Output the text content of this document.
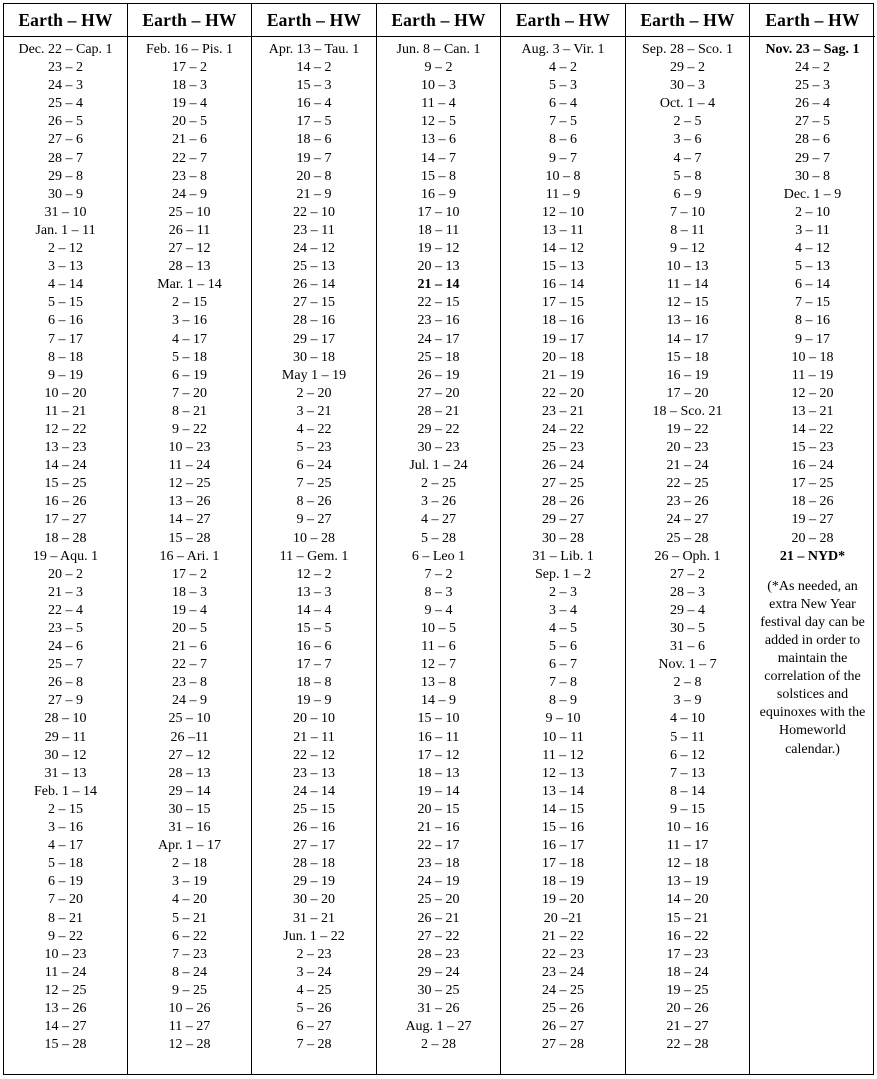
Earth – HW
Dec. 22 – Cap. 1
23 – 2
24 – 3
25 – 4
26 – 5
27 – 6
28 – 7
29 – 8
30 – 9
31 – 10
Jan. 1 – 11
2 – 12
3 – 13
4 – 14
5 – 15
6 – 16
7 – 17
8 – 18
9 – 19
10 – 20
11 – 21
12 – 22
13 – 23
14 – 24
15 – 25
16 – 26
17 – 27
18 – 28
19 – Aqu. 1
20 – 2
21 – 3
22 – 4
23 – 5
24 – 6
25 – 7
26 – 8
27 – 9
28 – 10
29 – 11
30 – 12
31 – 13
Feb. 1 – 14
2 – 15
3 – 16
4 – 17
5 – 18
6 – 19
7 – 20
8 – 21
9 – 22
10 – 23
11 – 24
12 – 25
13 – 26
14 – 27
15 – 28
Earth – HW
Feb. 16 – Pis. 1
17 – 2
18 – 3
19 – 4
20 – 5
21 – 6
22 – 7
23 – 8
24 – 9
25 – 10
26 – 11
27 – 12
28 – 13
Mar. 1 – 14
2 – 15
3 – 16
4 – 17
5 – 18
6 – 19
7 – 20
8 – 21
9 – 22
10 – 23
11 – 24
12 – 25
13 – 26
14 – 27
15 – 28
16 – Ari. 1
17 – 2
18 – 3
19 – 4
20 – 5
21 – 6
22 – 7
23 – 8
24 – 9
25 – 10
26 –11
27 – 12
28 – 13
29 – 14
30 – 15
31 – 16
Apr. 1 – 17
2 – 18
3 – 19
4 – 20
5 – 21
6 – 22
7 – 23
8 – 24
9 – 25
10 – 26
11 – 27
12 – 28
Earth – HW
Apr. 13 – Tau. 1
14 – 2
15 – 3
16 – 4
17 – 5
18 – 6
19 – 7
20 – 8
21 – 9
22 – 10
23 – 11
24 – 12
25 – 13
26 – 14
27 – 15
28 – 16
29 – 17
30 – 18
May 1 – 19
2 – 20
3 – 21
4 – 22
5 – 23
6 – 24
7 – 25
8 – 26
9 – 27
10 – 28
11 – Gem. 1
12 – 2
13 – 3
14 – 4
15 – 5
16 – 6
17 – 7
18 – 8
19 – 9
20 – 10
21 – 11
22 – 12
23 – 13
24 – 14
25 – 15
26 – 16
27 – 17
28 – 18
29 – 19
30 – 20
31 – 21
Jun. 1 – 22
2 – 23
3 – 24
4 – 25
5 – 26
6 – 27
7 – 28
Earth – HW
Jun. 8 – Can. 1
9 – 2
10 – 3
11 – 4
12 – 5
13 – 6
14 – 7
15 – 8
16 – 9
17 – 10
18 – 11
19 – 12
20 – 13
21 – 14
22 – 15
23 – 16
24 – 17
25 – 18
26 – 19
27 – 20
28 – 21
29 – 22
30 – 23
Jul. 1 – 24
2 – 25
3 – 26
4 – 27
5 – 28
6 – Leo 1
7 – 2
8 – 3
9 – 4
10 – 5
11 – 6
12 – 7
13 – 8
14 – 9
15 – 10
16 – 11
17 – 12
18 – 13
19 – 14
20 – 15
21 – 16
22 – 17
23 – 18
24 – 19
25 – 20
26 – 21
27 – 22
28 – 23
29 – 24
30 – 25
31 – 26
Aug. 1 – 27
2 – 28
Earth – HW
Aug. 3 – Vir. 1
4 – 2
5 – 3
6 – 4
7 – 5
8 – 6
9 – 7
10 – 8
11 – 9
12 – 10
13 – 11
14 – 12
15 – 13
16 – 14
17 – 15
18 – 16
19 – 17
20 – 18
21 – 19
22 – 20
23 – 21
24 – 22
25 – 23
26 – 24
27 – 25
28 – 26
29 – 27
30 – 28
31 – Lib. 1
Sep. 1 – 2
2 – 3
3 – 4
4 – 5
5 – 6
6 – 7
7 – 8
8 – 9
9 – 10
10 – 11
11 – 12
12 – 13
13 – 14
14 – 15
15 – 16
16 – 17
17 – 18
18 – 19
19 – 20
20 –21
21 – 22
22 – 23
23 – 24
24 – 25
25 – 26
26 – 27
27 – 28
Earth – HW
Sep. 28 – Sco. 1
29 – 2
30 – 3
Oct. 1 – 4
2 – 5
3 – 6
4 – 7
5 – 8
6 – 9
7 – 10
8 – 11
9 – 12
10 – 13
11 – 14
12 – 15
13 – 16
14 – 17
15 – 18
16 – 19
17 – 20
18 – Sco. 21
19 – 22
20 – 23
21 – 24
22 – 25
23 – 26
24 – 27
25 – 28
26 – Oph. 1
27 – 2
28 – 3
29 – 4
30 – 5
31 – 6
Nov. 1 – 7
2 – 8
3 – 9
4 – 10
5 – 11
6 – 12
7 – 13
8 – 14
9 – 15
10 – 16
11 – 17
12 – 18
13 – 19
14 – 20
15 – 21
16 – 22
17 – 23
18 – 24
19 – 25
20 – 26
21 – 27
22 – 28
Earth – HW
Nov. 23 – Sag. 1
24 – 2
25 – 3
26 – 4
27 – 5
28 – 6
29 – 7
30 – 8
Dec. 1 – 9
2 – 10
3 – 11
4 – 12
5 – 13
6 – 14
7 – 15
8 – 16
9 – 17
10 – 18
11 – 19
12 – 20
13 – 21
14 – 22
15 – 23
16 – 24
17 – 25
18 – 26
19 – 27
20 – 28
21 – NYD*
(*As needed, an extra New Year festival day can be added in order to maintain the correlation of the solstices and equinoxes with the Homeworld calendar.)
